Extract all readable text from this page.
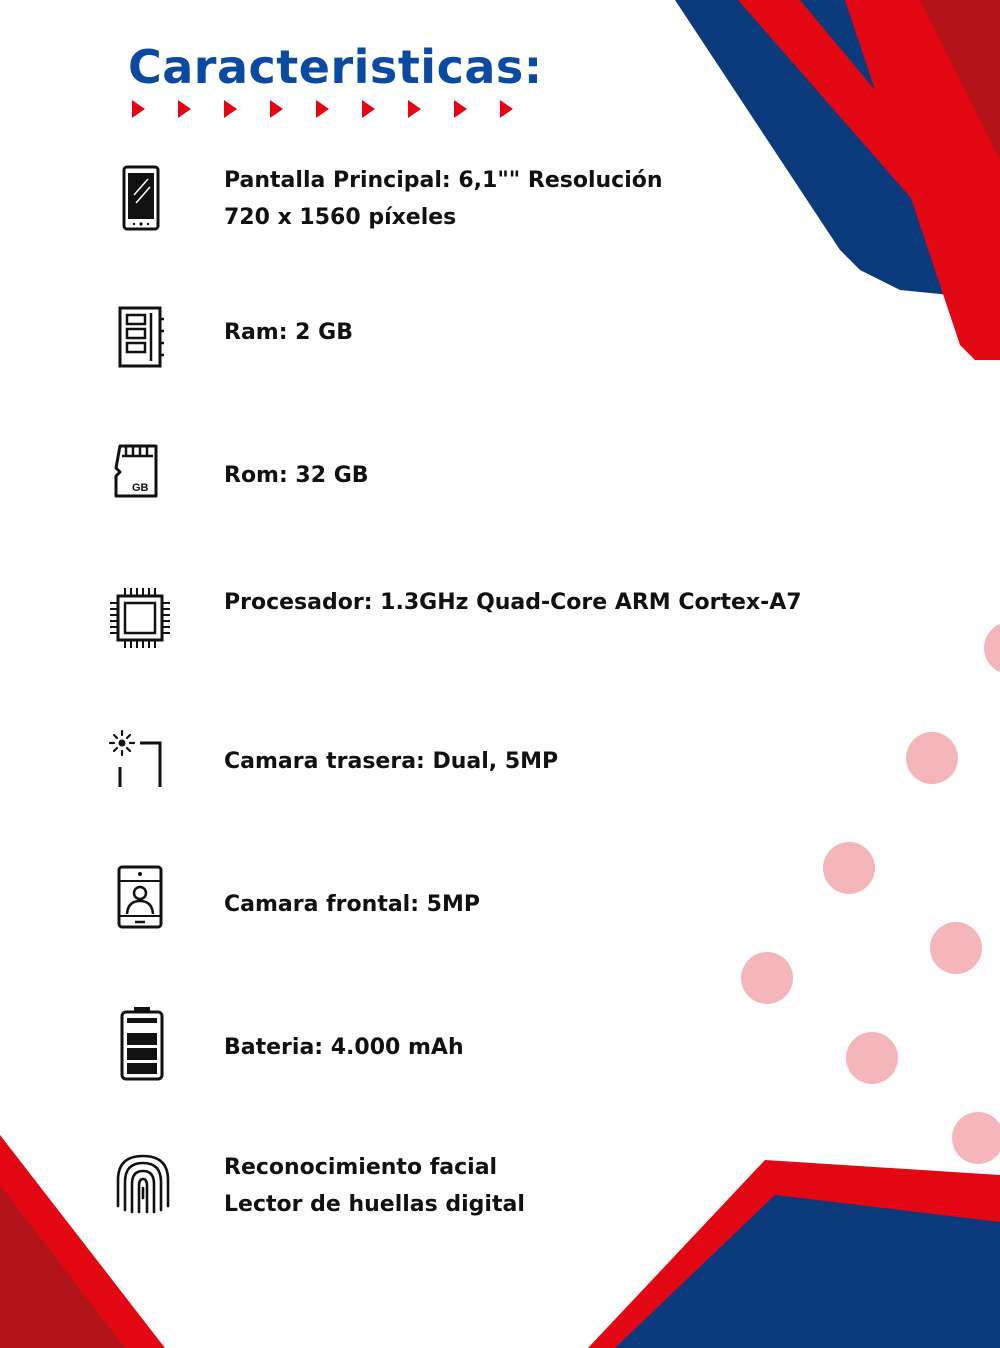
Caracteristicas:
Pantalla Principal: 6,1"" Resolución
720 x 1560 píxeles
Ram: 2 GB
GB	Rom: 32 GB
Procesador: 1.3GHz Quad-Core ARM Cortex-A7
Camara trasera: Dual, 5MP
Camara frontal: 5MP
Bateria: 4.000 mAh
Reconocimiento facial
Lector de huellas digital
